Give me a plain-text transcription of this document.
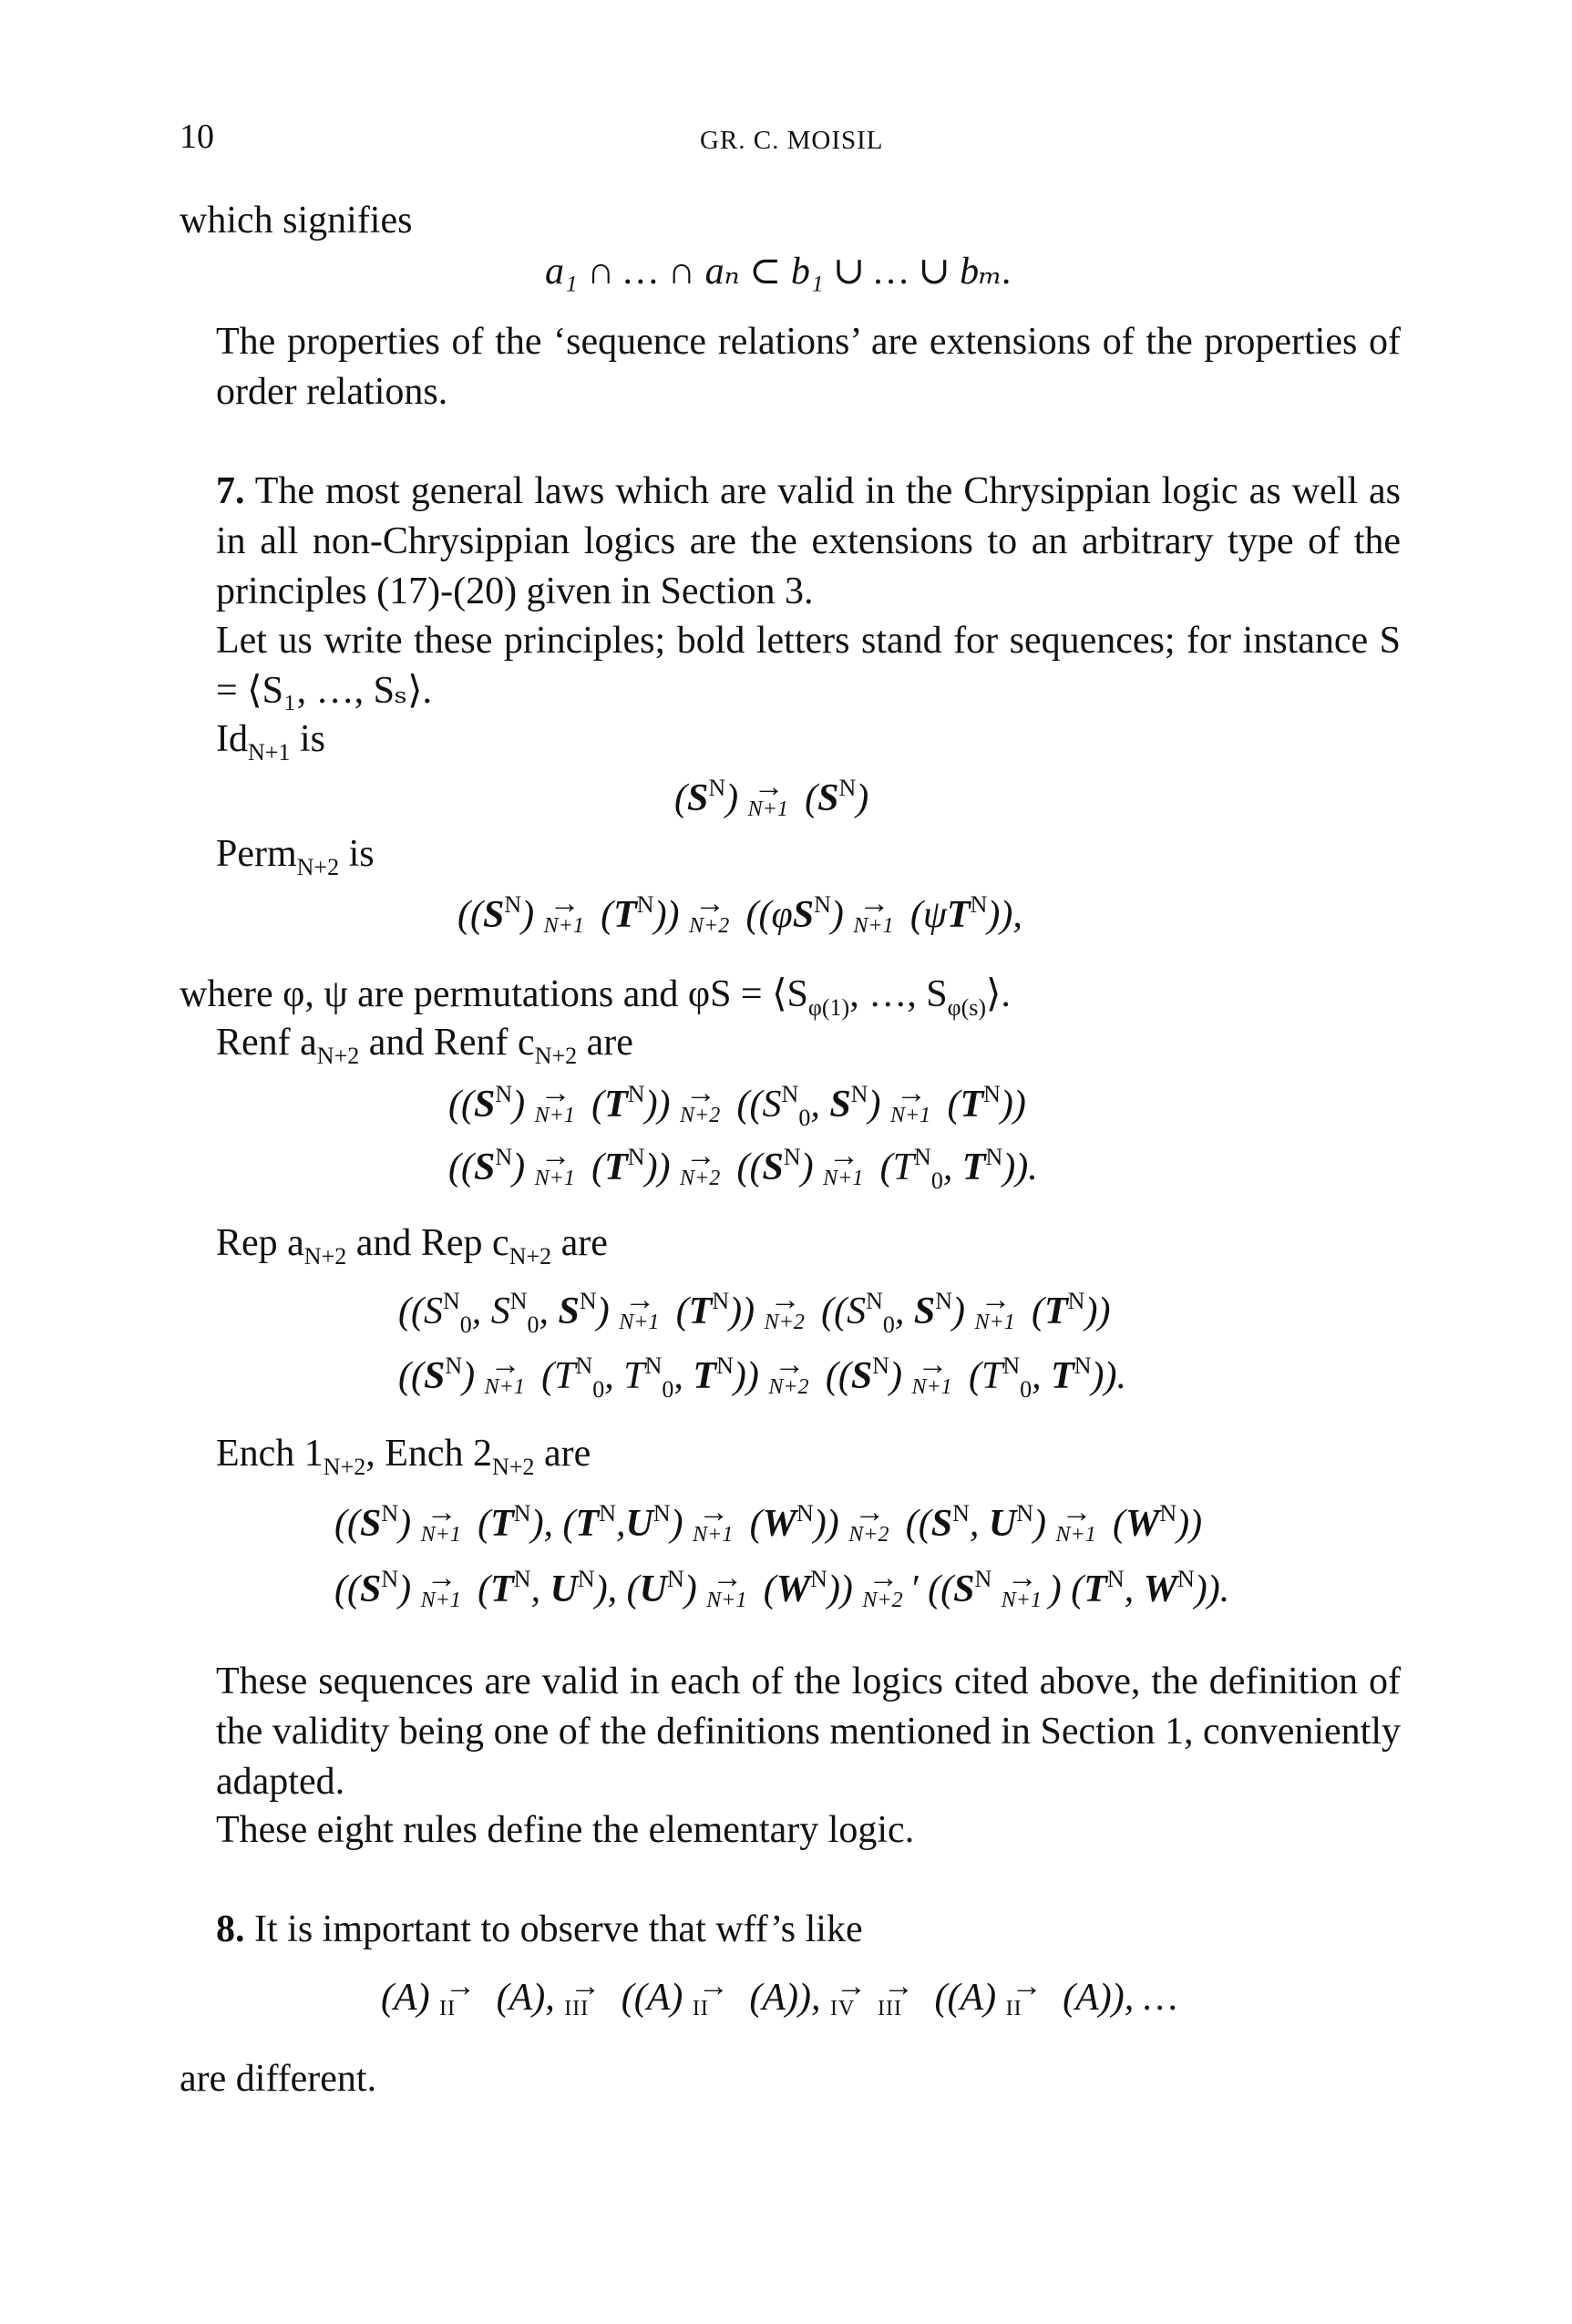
10	GR. C. MOISIL
which signifies
a₁ ∩ … ∩ aₙ ⊂ b₁ ∪ … ∪ bₘ.
The properties of the ‘sequence relations’ are extensions of the properties of order relations.
7. The most general laws which are valid in the Chrysippian logic as well as in all non-Chrysippian logics are the extensions to an arbitrary type of the principles (17)-(20) given in Section 3.
Let us write these principles; bold letters stand for sequences; for instance S = ⟨S₁, …, Sₛ⟩.
$Id_{N+1}$ is
$(S^N) \to N+1$ $(S^N)$
Perm$_{N+2}$ is
($(S^N) \to N+1$ $(T^N)) \to N+2$ ($(\varphi S^N) \to N+1$ $(\psi T^N)$),
where φ, ψ are permutations and $\varphi S = ⟨S_{\varphi(1)}$, …, $S_{\varphi(s)}⟩$.
Renf $a_{N+2}$ and Renf $c_{N+2}$ are
($(S^N) \to N+1$ $(T^N)) \to N+2$ (($S^N_0$, $S^N) \to N+1$ $(T^N)$)
($(S^N) \to N+1$ $(T^N)) \to N+2$ ($(S^N) \to N+1$ ($T^N_0$, $T^N$)).
Rep $a_{N+2}$ and Rep $c_{N+2}$ are
(($S^N_0$, $S^N_0$, $S^N) \to N+1$ $(T^N)) \to N+2$ (($S^N_0$, $S^N) \to N+1$ $(T^N)$)
($(S^N) \to N+1$ ($T^N_0$, $T^N_0$, $T^N)) \to N+2$ ($(S^N) \to N+1$ ($T^N_0$, $T^N$)).
Ench $1_{N+2}$, Ench $2_{N+2}$ are
($(S^N) \to N+1$ $(T^N)$, $(T^N,U^N) \to N+1$ $(W^N)) \to N+2$ (($S^N$, $U^N) \to N+1$ $(W^N)$)
($(S^N) \to N+1$ ($T^N$, $U^N$), $(U^N) \to N+1$ $(W^N)) \to N+2$ ′ (($S^N$
→ N+1 ) ($T^N$, $W^N$)).
These sequences are valid in each of the logics cited above, the definition of the validity being one of the definitions mentioned in Section 1, conveniently adapted.
These eight rules define the elementary logic.
8. It is important to observe that wff’s like
(A) → II (A), → III ((A) → II (A)), → IV → III ((A) → II (A)), …
are different.
